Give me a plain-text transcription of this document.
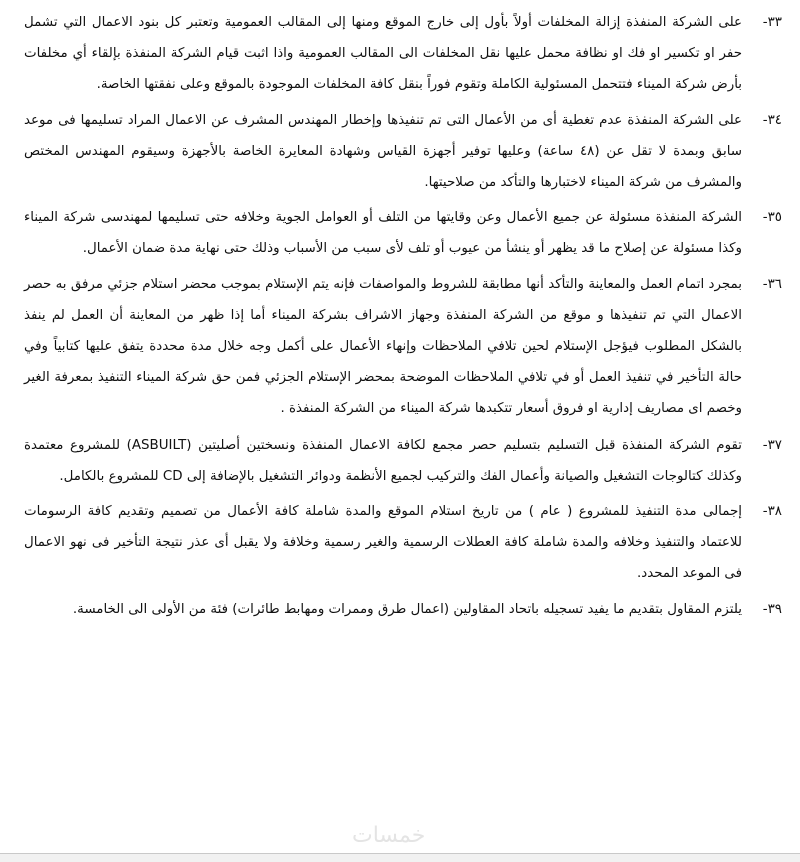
٣٣-
على الشركة المنفذة إزالة المخلفات أولاً بأول إلى خارج الموقع ومنها إلى المقالب العمومية وتعتبر كل بنود الاعمال التي تشمل حفر او تكسير او فك او نظافة محمل عليها نقل المخلفات الى المقالب العمومية واذا اثبت قيام الشركة المنفذة بإلقاء أي مخلفات بأرض شركة الميناء فتتحمل المسئولية الكاملة وتقوم فوراً بنقل كافة المخلفات الموجودة بالموقع وعلى نفقتها الخاصة.
٣٤-
على الشركة المنفذة عدم تغطية أى من الأعمال التى تم تنفيذها وإخطار المهندس المشرف عن الاعمال المراد تسليمها فى موعد سابق وبمدة لا تقل عن (٤٨ ساعة) وعليها توفير أجهزة القياس وشهادة المعايرة الخاصة بالأجهزة وسيقوم المهندس المختص والمشرف من شركة الميناء لاختبارها والتأكد من صلاحيتها.
٣٥-
الشركة المنفذة مسئولة عن جميع الأعمال وعن وقايتها من التلف أو العوامل الجوية وخلافه حتى تسليمها لمهندسى شركة الميناء وكذا مسئولة عن إصلاح ما قد يظهر أو ينشأ من عيوب أو تلف لأى سبب من الأسباب وذلك حتى نهاية مدة ضمان الأعمال.
٣٦-
بمجرد اتمام العمل والمعاينة والتأكد أنها مطابقة للشروط والمواصفات فإنه يتم الإستلام بموجب محضر استلام جزئي مرفق به حصر الاعمال التي تم تنفيذها و موقع من الشركة المنفذة وجهاز الاشراف بشركة الميناء أما إذا ظهر من المعاينة أن العمل لم ينفذ بالشكل المطلوب فيؤجل الإستلام لحين تلافي الملاحظات وإنهاء الأعمال على أكمل وجه خلال مدة محددة يتفق عليها كتابياً وفي حالة التأخير في تنفيذ العمل أو في تلافي الملاحظات الموضحة بمحضر الإستلام الجزئي فمن حق شركة الميناء التنفيذ بمعرفة الغير وخصم اى مصاريف إدارية او فروق أسعار تتكبدها شركة الميناء من الشركة المنفذة .
٣٧-
تقوم الشركة المنفذة قبل التسليم بتسليم حصر مجمع لكافة الاعمال المنفذة ونسختين أصليتين (ASBUILT) للمشروع معتمدة وكذلك كتالوجات التشغيل والصيانة وأعمال الفك والتركيب لجميع الأنظمة ودوائر التشغيل بالإضافة إلى CD للمشروع بالكامل.
٣٨-
إجمالى مدة التنفيذ للمشروع ( عام ) من تاريخ استلام الموقع والمدة شاملة كافة الأعمال من تصميم وتقديم كافة الرسومات للاعتماد والتنفيذ وخلافه والمدة شاملة كافة العطلات الرسمية والغير رسمية وخلافة ولا يقبل أى عذر نتيجة التأخير فى نهو الاعمال فى الموعد المحدد.
٣٩-
يلتزم المقاول بتقديم ما يفيد تسجيله باتحاد المقاولين (اعمال طرق وممرات ومهابط طائرات) فئة من الأولى الى الخامسة.
خمسات
